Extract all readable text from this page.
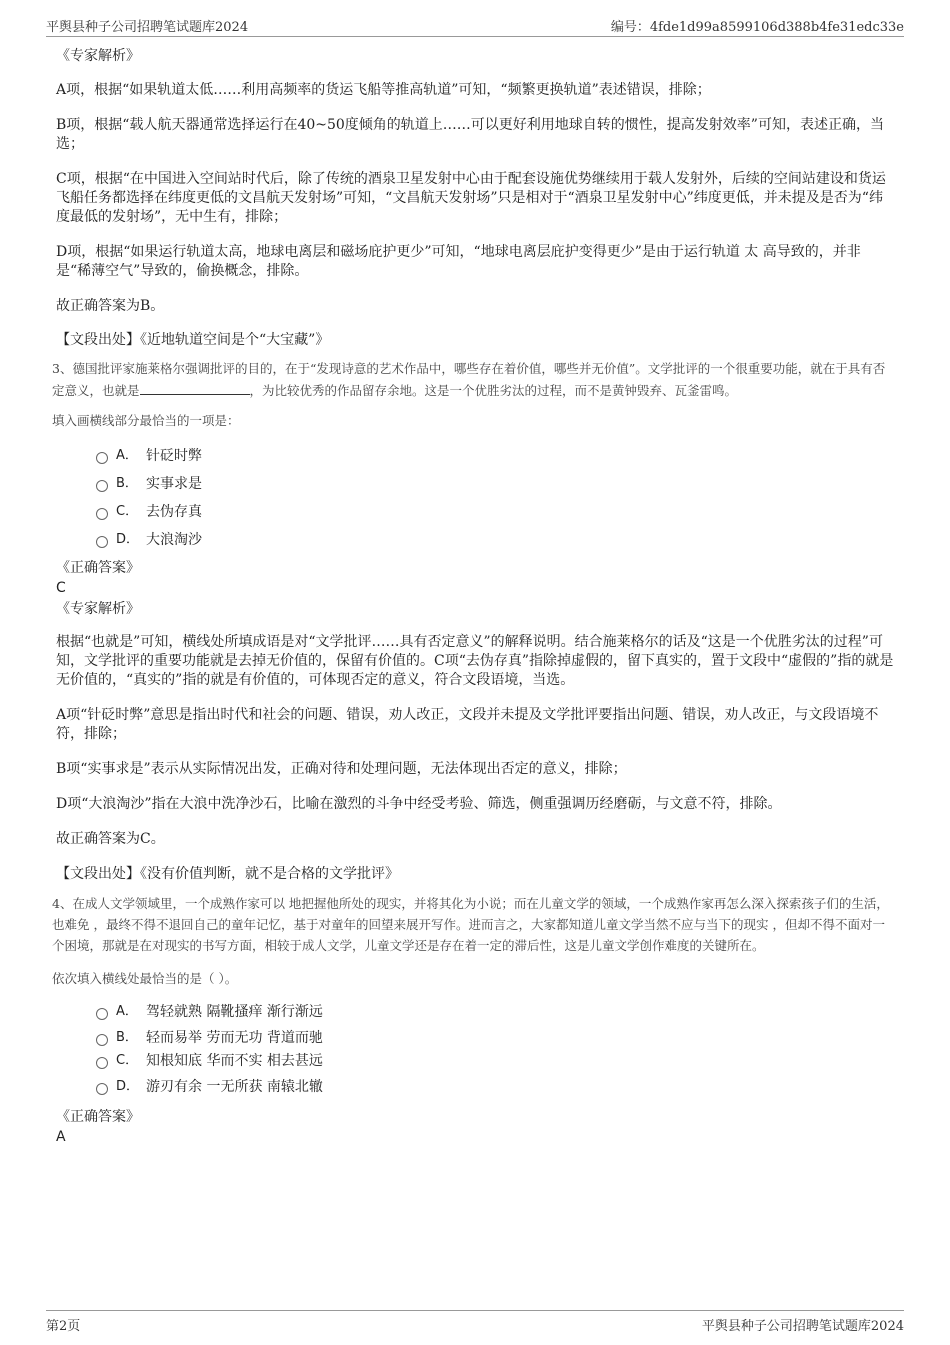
平舆县种子公司招聘笔试题库2024	编号：4fde1d99a8599106d388b4fe31edc33e

《专家解析》

A项，根据“如果轨道太低……利用高频率的货运飞船等推高轨道”可知，“频繁更换轨道”表述错误，排除；

B项，根据“载人航天器通常选择运行在40~50度倾角的轨道上……可以更好利用地球自转的惯性，提高发射效率”可知，表述正确，当选；

C项，根据“在中国进入空间站时代后，除了传统的酒泉卫星发射中心由于配套设施优势继续用于载人发射外，后续的空间站建设和货运飞船任务都选择在纬度更低的文昌航天发射场”可知，“文昌航天发射场”只是相对于“酒泉卫星发射中心”纬度更低，并未提及是否为“纬度最低的发射场”，无中生有，排除；

D项，根据“如果运行轨道太高，地球电离层和磁场庇护更少”可知，“地球电离层庇护变得更少”是由于运行轨道 太 高导致的，并非是“稀薄空气”导致的，偷换概念，排除。

故正确答案为B。

【文段出处】《近地轨道空间是个“大宝藏”》

3、德国批评家施莱格尔强调批评的目的，在于“发现诗意的艺术作品中，哪些存在着价值，哪些并无价值”。文学批评的一个很重要功能，就在于具有否定意义，也就是	，为比较优秀的作品留存余地。这是一个优胜劣汰的过程，而不是黄钟毁弃、瓦釜雷鸣。

填入画横线部分最恰当的一项是：

A． 针砭时弊
B． 实事求是
C． 去伪存真
D． 大浪淘沙

《正确答案》

C

《专家解析》

根据“也就是”可知，横线处所填成语是对“文学批评……具有否定意义”的解释说明。结合施莱格尔的话及“这是一个优胜劣汰的过程”可知，文学批评的重要功能就是去掉无价值的，保留有价值的。C项“去伪存真”指除掉虚假的，留下真实的，置于文段中“虚假的”指的就是无价值的，“真实的”指的就是有价值的，可体现否定的意义，符合文段语境，当选。

A项“针砭时弊”意思是指出时代和社会的问题、错误，劝人改正，文段并未提及文学批评要指出问题、错误，劝人改正，与文段语境不符，排除；

B项“实事求是”表示从实际情况出发，正确对待和处理问题，无法体现出否定的意义，排除；

D项“大浪淘沙”指在大浪中洗净沙石，比喻在激烈的斗争中经受考验、筛选，侧重强调历经磨砺，与文意不符，排除。

故正确答案为C。

【文段出处】《没有价值判断，就不是合格的文学批评》

4、在成人文学领域里，一个成熟作家可以 地把握他所处的现实，并将其化为小说；而在儿童文学的领域，一个成熟作家再怎么深入探索孩子们的生活，也难免 ，最终不得不退回自己的童年记忆，基于对童年的回望来展开写作。进而言之，大家都知道儿童文学当然不应与当下的现实 ，但却不得不面对一个困境，那就是在对现实的书写方面，相较于成人文学，儿童文学还是存在着一定的滞后性，这是儿童文学创作难度的关键所在。

依次填入横线处最恰当的是（ ）。

A． 驾轻就熟 隔靴搔痒 渐行渐远
B． 轻而易举 劳而无功 背道而驰
C． 知根知底 华而不实 相去甚远
D． 游刃有余 一无所获 南辕北辙

《正确答案》

A

第2页	平舆县种子公司招聘笔试题库2024
